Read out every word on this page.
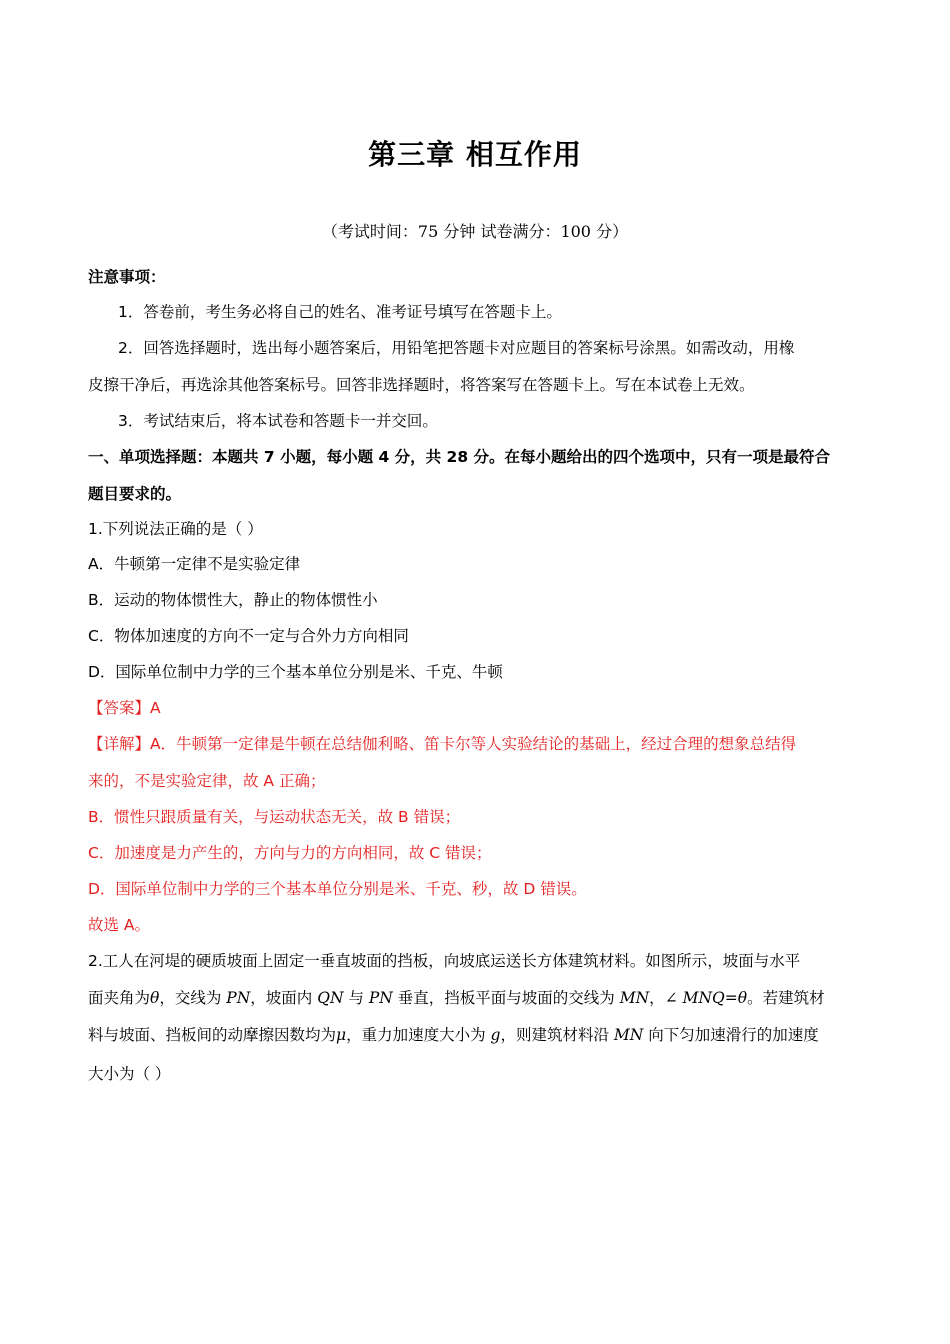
第三章 相互作用
（考试时间：75 分钟 试卷满分：100 分）
注意事项：
1．答卷前，考生务必将自己的姓名、准考证号填写在答题卡上。
2．回答选择题时，选出每小题答案后，用铅笔把答题卡对应题目的答案标号涂黑。如需改动，用橡
皮擦干净后，再选涂其他答案标号。回答非选择题时，将答案写在答题卡上。写在本试卷上无效。
3．考试结束后，将本试卷和答题卡一并交回。
一、单项选择题：本题共 7 小题，每小题 4 分，共 28 分。在每小题给出的四个选项中，只有一项是最符合
题目要求的。
1.下列说法正确的是（ ）
A．牛顿第一定律不是实验定律
B．运动的物体惯性大，静止的物体惯性小
C．物体加速度的方向不一定与合外力方向相同
D．国际单位制中力学的三个基本单位分别是米、千克、牛顿
【答案】A
【详解】A．牛顿第一定律是牛顿在总结伽利略、笛卡尔等人实验结论的基础上，经过合理的想象总结得
来的，不是实验定律，故 A 正确；
B．惯性只跟质量有关，与运动状态无关，故 B 错误；
C．加速度是力产生的，方向与力的方向相同，故 C 错误；
D．国际单位制中力学的三个基本单位分别是米、千克、秒，故 D 错误。
故选 A。
2.工人在河堤的硬质坡面上固定一垂直坡面的挡板，向坡底运送长方体建筑材料。如图所示，坡面与水平
面夹角为θ，交线为 PN，坡面内 QN 与 PN 垂直，挡板平面与坡面的交线为 MN，∠ MNQ=θ。若建筑材
料与坡面、挡板间的动摩擦因数均为μ，重力加速度大小为 g，则建筑材料沿 MN 向下匀加速滑行的加速度
大小为（ ）
